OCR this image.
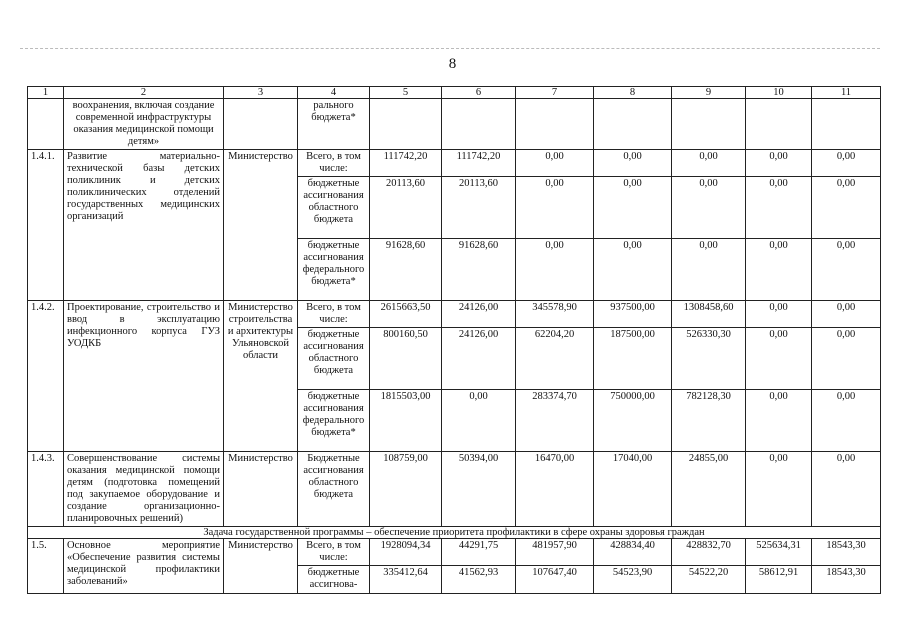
8
1	2	3	4	5	6	7	8	9	10	11
	воохранения, включая создание современной инфраструктуры оказания медицинской помощи детям»		рального бюджета*							
1.4.1.	Развитие материально-технической базы детских поликлиник и детских поликлинических отделений государственных медицинских организаций	Министерство	Всего, в том числе:	111742,20	111742,20	0,00	0,00	0,00	0,00	0,00
			бюджетные ассигнования областного бюджета	20113,60	20113,60	0,00	0,00	0,00	0,00	0,00
			бюджетные ассигнования федерального бюджета*	91628,60	91628,60	0,00	0,00	0,00	0,00	0,00
1.4.2.	Проектирование, строительство и ввод в эксплуатацию инфекционного корпуса ГУЗ УОДКБ	Министерство строительства и архитектуры Ульяновской области	Всего, в том числе:	2615663,50	24126,00	345578,90	937500,00	1308458,60	0,00	0,00
			бюджетные ассигнования областного бюджета	800160,50	24126,00	62204,20	187500,00	526330,30	0,00	0,00
			бюджетные ассигнования федерального бюджета*	1815503,00	0,00	283374,70	750000,00	782128,30	0,00	0,00
1.4.3.	Совершенствование системы оказания медицинской помощи детям (подготовка помещений под закупаемое оборудование и создание организационно-планировочных решений)	Министерство	Бюджетные ассигнования областного бюджета	108759,00	50394,00	16470,00	17040,00	24855,00	0,00	0,00
Задача государственной программы – обеспечение приоритета профилактики в сфере охраны здоровья граждан										
1.5.	Основное мероприятие «Обеспечение развития системы медицинской профилактики заболеваний»	Министерство	Всего, в том числе:	1928094,34	44291,75	481957,90	428834,40	428832,70	525634,31	18543,30
			бюджетные ассигнова-	335412,64	41562,93	107647,40	54523,90	54522,20	58612,91	18543,30
